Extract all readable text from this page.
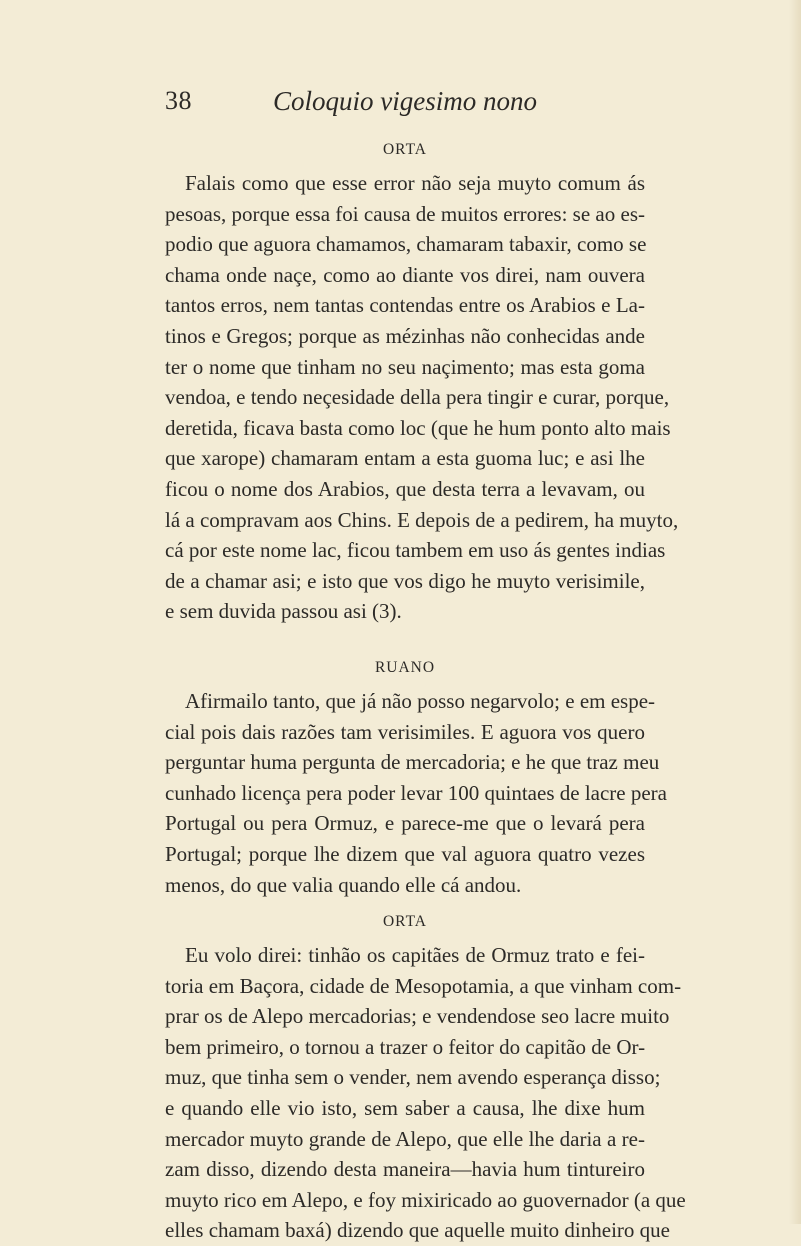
38	Coloquio vigesimo nono
ORTA

Falais como que esse error não seja muyto comum ás
pesoas, porque essa foi causa de muitos errores: se ao es-
podio que aguora chamamos, chamaram tabaxir, como se
chama onde naçe, como ao diante vos direi, nam ouvera
tantos erros, nem tantas contendas entre os Arabios e La-
tinos e Gregos; porque as mézinhas não conhecidas ande
ter o nome que tinham no seu naçimento; mas esta goma
vendoa, e tendo neçesidade della pera tingir e curar, porque,
deretida, ficava basta como loc (que he hum ponto alto mais
que xarope) chamaram entam a esta guoma luc; e asi lhe
ficou o nome dos Arabios, que desta terra a levavam, ou
lá a compravam aos Chins. E depois de a pedirem, ha muyto,
cá por este nome lac, ficou tambem em uso ás gentes indias
de a chamar asi; e isto que vos digo he muyto verisimile,
e sem duvida passou asi (3).

RUANO

Afirmailo tanto, que já não posso negarvolo; e em espe-
cial pois dais razões tam verisimiles. E aguora vos quero
perguntar huma pergunta de mercadoria; e he que traz meu
cunhado licença pera poder levar 100 quintaes de lacre pera
Portugal ou pera Ormuz, e parece-me que o levará pera
Portugal; porque lhe dizem que val aguora quatro vezes
menos, do que valia quando elle cá andou.

ORTA

Eu volo direi: tinhão os capitães de Ormuz trato e fei-
toria em Baçora, cidade de Mesopotamia, a que vinham com-
prar os de Alepo mercadorias; e vendendose seo lacre muito
bem primeiro, o tornou a trazer o feitor do capitão de Or-
muz, que tinha sem o vender, nem avendo esperança disso;
e quando elle vio isto, sem saber a causa, lhe dixe hum
mercador muyto grande de Alepo, que elle lhe daria a re-
zam disso, dizendo desta maneira—havia hum tintureiro
muyto rico em Alepo, e foy mixiricado ao guovernador (a que
elles chamam baxá) dizendo que aquelle muito dinheiro que
